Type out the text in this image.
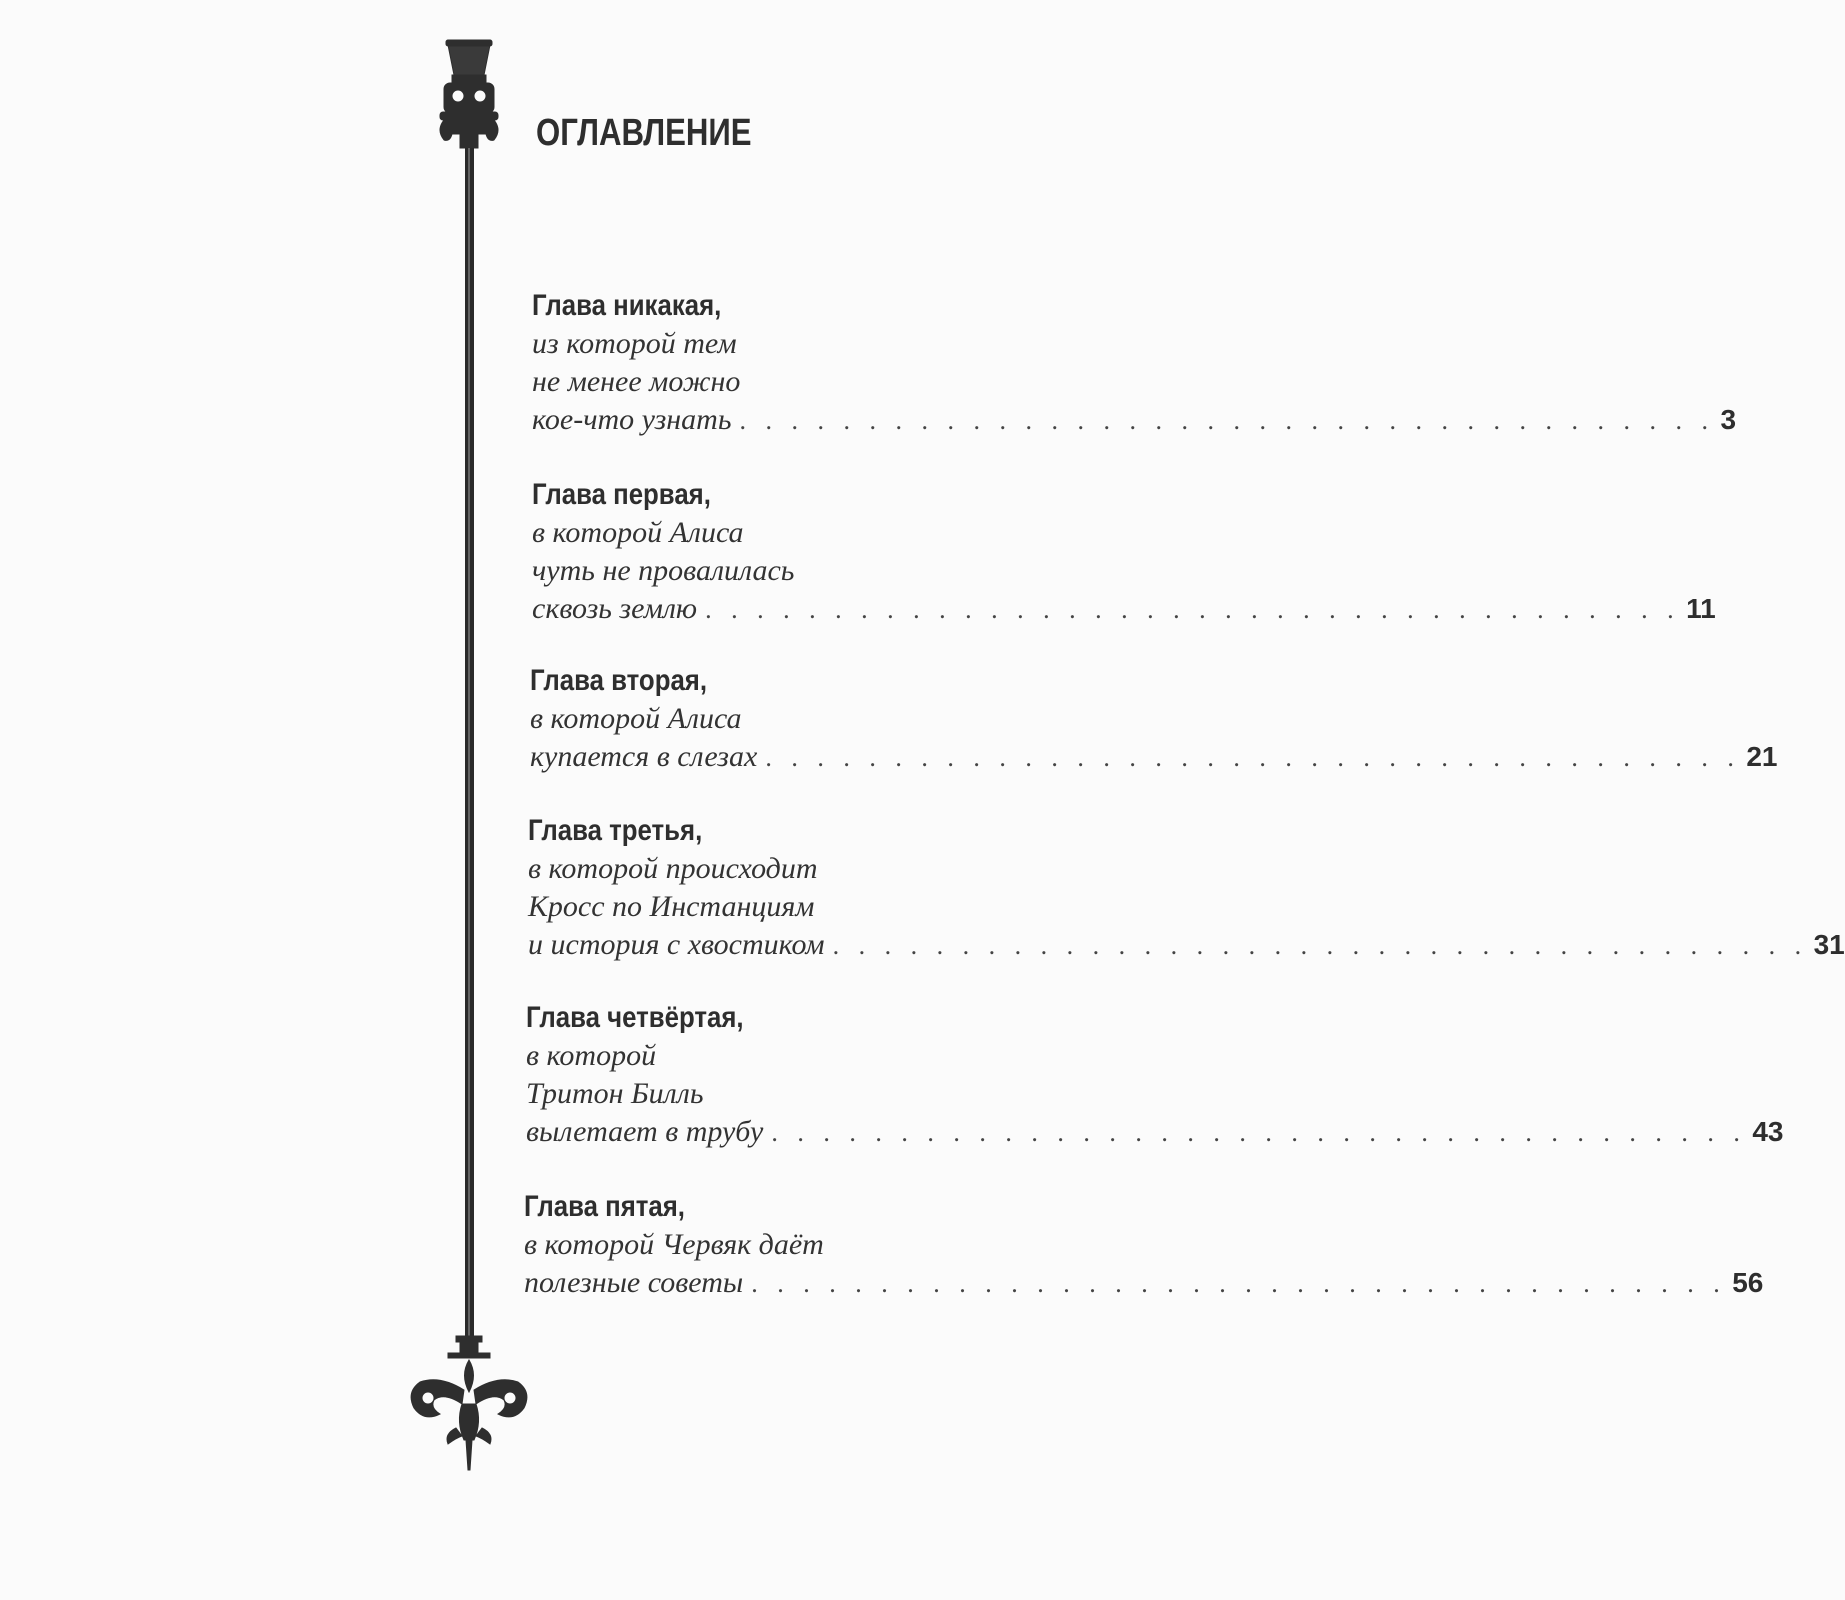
ОГЛАВЛЕНИЕ
Глава никакая,
из которой тем
не менее можно
кое-что узнать . . . . . . . . . . . . . . . . . . . . . . . . . . . . . . . . . . . . . . 3
Глава первая,
в которой Алиса
чуть не провалилась
сквозь землю . . . . . . . . . . . . . . . . . . . . . . . . . . . . . . . . . . . . . . 11
Глава вторая,
в которой Алиса
купается в слезах . . . . . . . . . . . . . . . . . . . . . . . . . . . . . . . . . . . . . . 21
Глава третья,
в которой происходит
Кросс по Инстанциям
и история с хвостиком . . . . . . . . . . . . . . . . . . . . . . . . . . . . . . . . . . . . . . 31
Глава четвёртая,
в которой
Тритон Билль
вылетает в трубу . . . . . . . . . . . . . . . . . . . . . . . . . . . . . . . . . . . . . . 43
Глава пятая,
в которой Червяк даёт
полезные советы . . . . . . . . . . . . . . . . . . . . . . . . . . . . . . . . . . . . . . 56
